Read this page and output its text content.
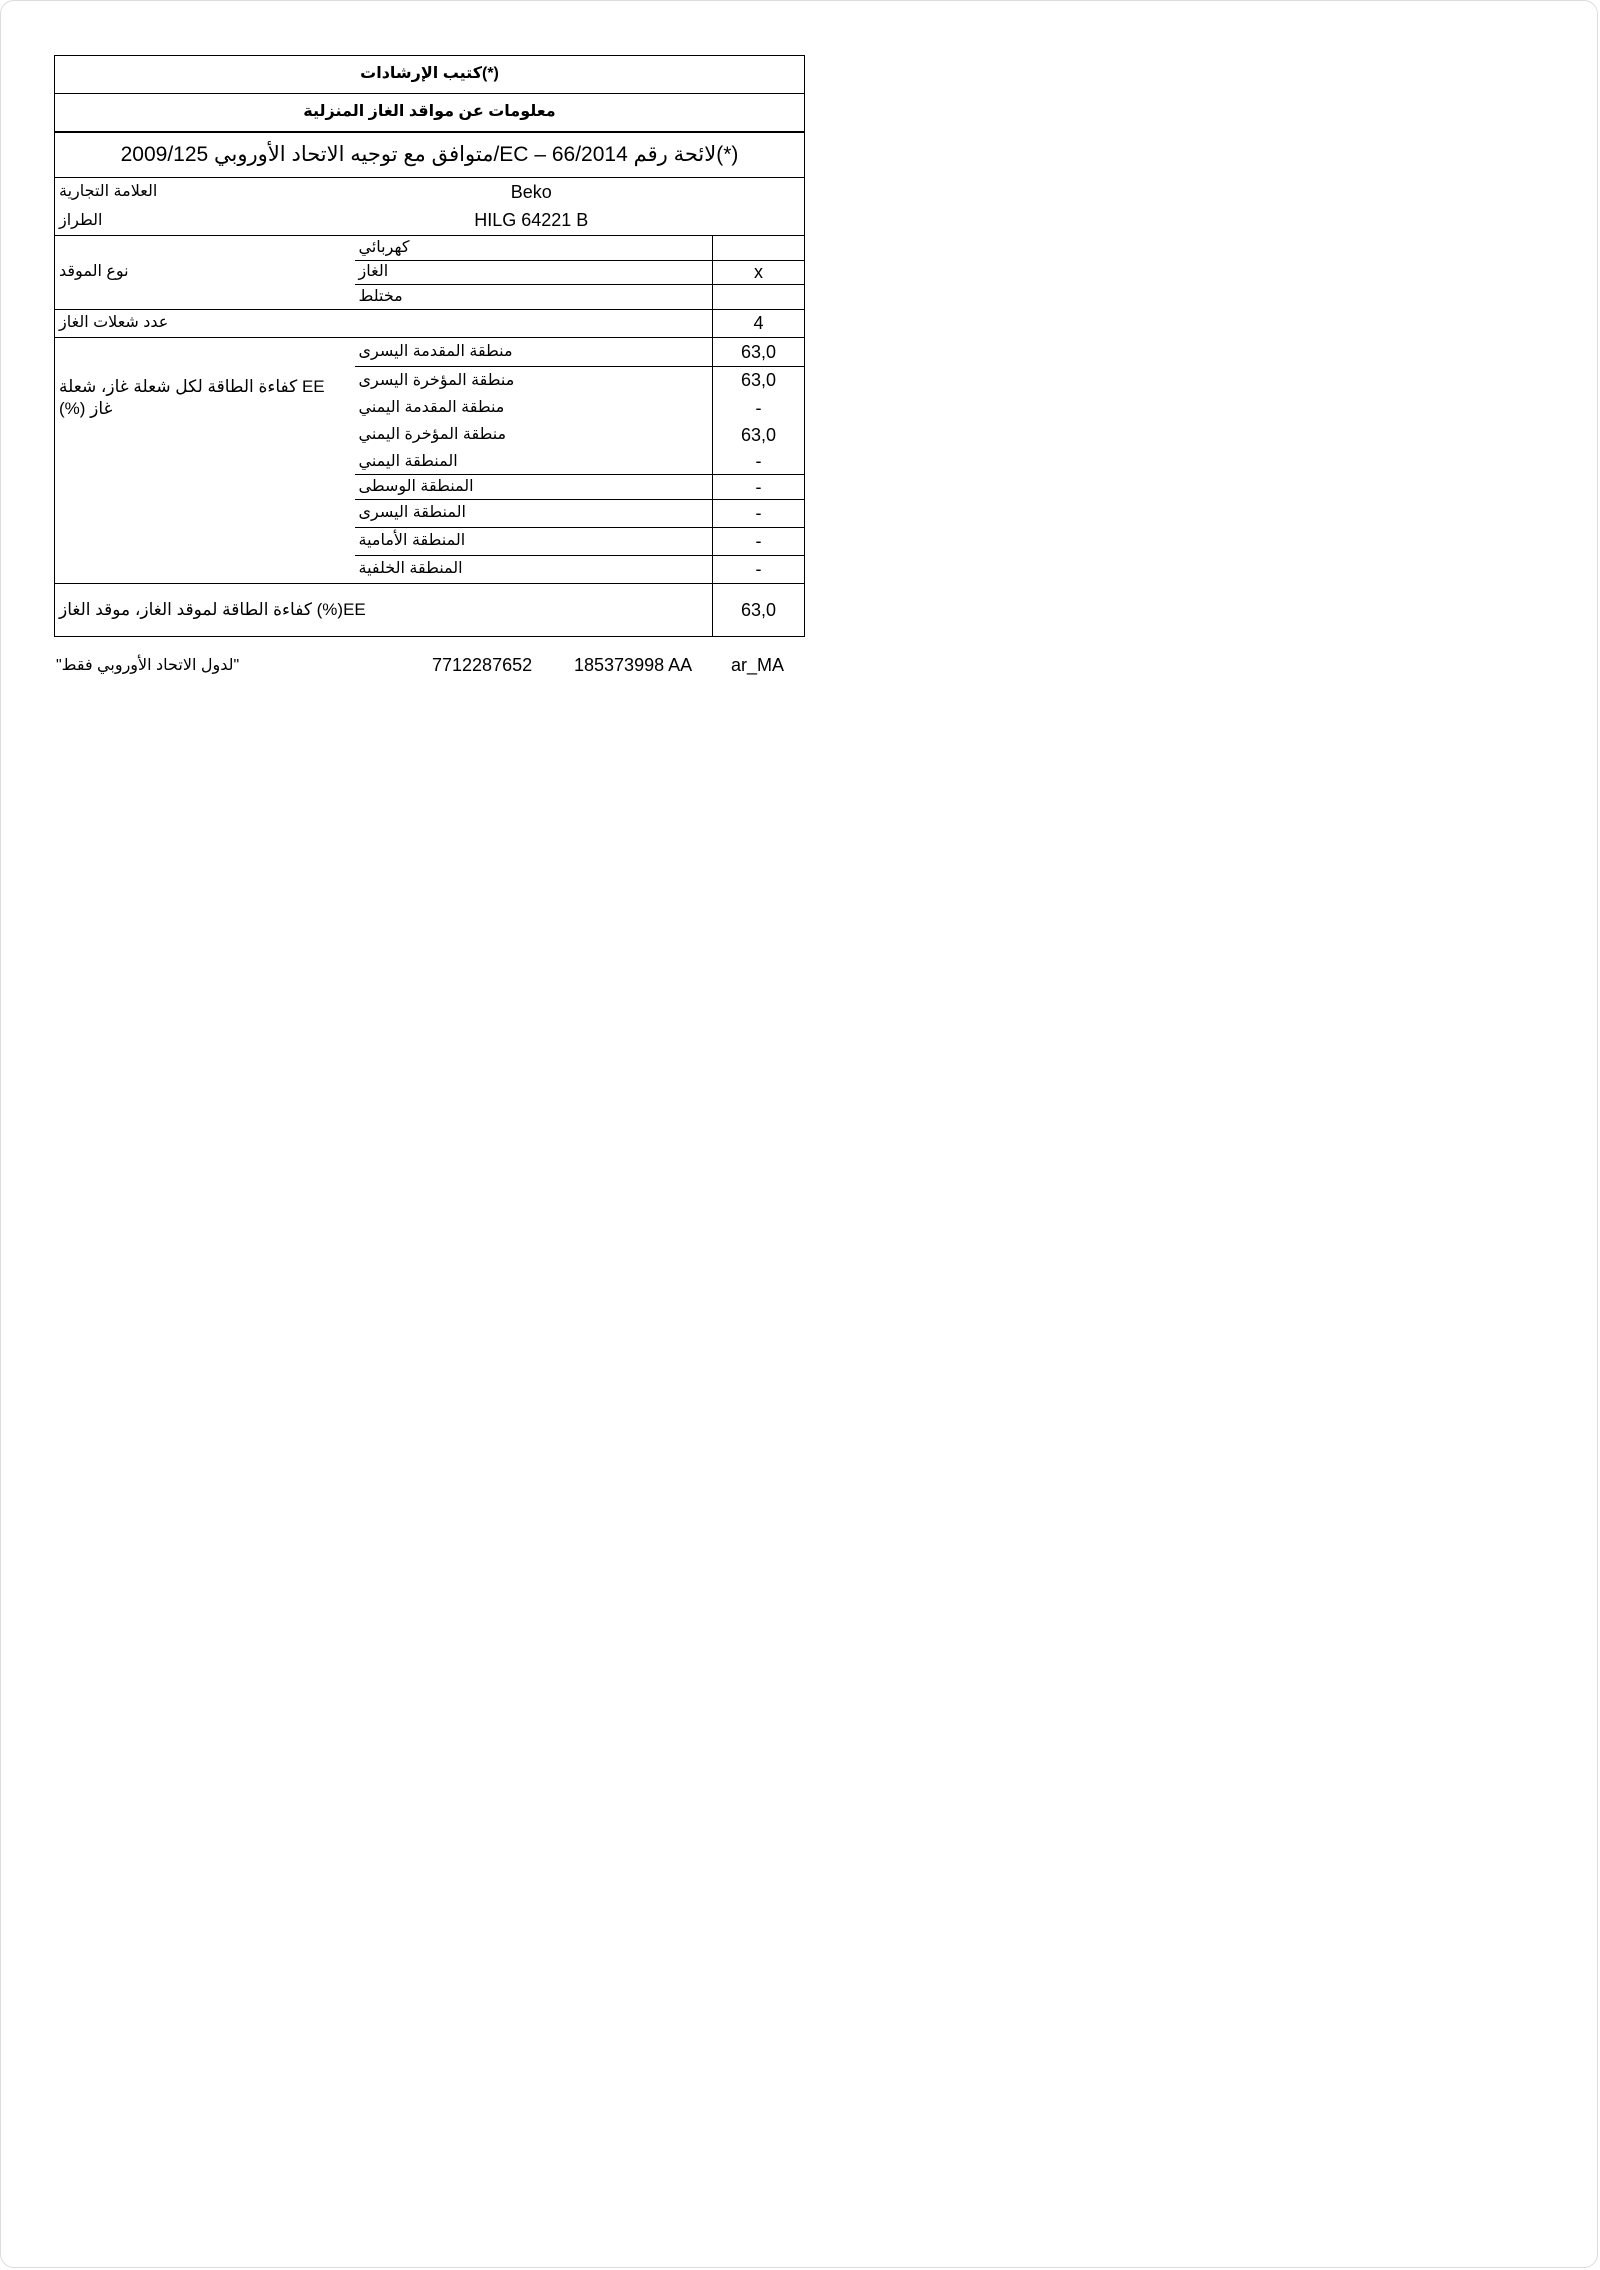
(*)كتيب الإرشادات		
معلومات عن مواقد الغاز المنزلية		
(*)لائحة رقم 66/2014 – EC/متوافق مع توجيه الاتحاد الأوروبي 2009/125		
العلامة التجارية	Beko	
الطراز	HILG 64221 B	
نوع الموقد	كهربائي	
	الغاز	x
	مختلط	
عدد شعلات الغاز		4
EE كفاءة الطاقة لكل شعلة غاز، شعلة غاز (%)	منطقة المقدمة اليسرى	63,0
	منطقة المؤخرة اليسرى	63,0
	منطقة المقدمة اليمني	-
	منطقة المؤخرة اليمني	63,0
	المنطقة اليمني	-
	المنطقة الوسطى	-
	المنطقة اليسرى	-
	المنطقة الأمامية	-
	المنطقة الخلفية	-
EE(%) كفاءة الطاقة لموقد الغاز، موقد الغاز		63,0
"لدول الاتحاد الأوروبي فقط"	7712287652 185373998 AA ar_MA
